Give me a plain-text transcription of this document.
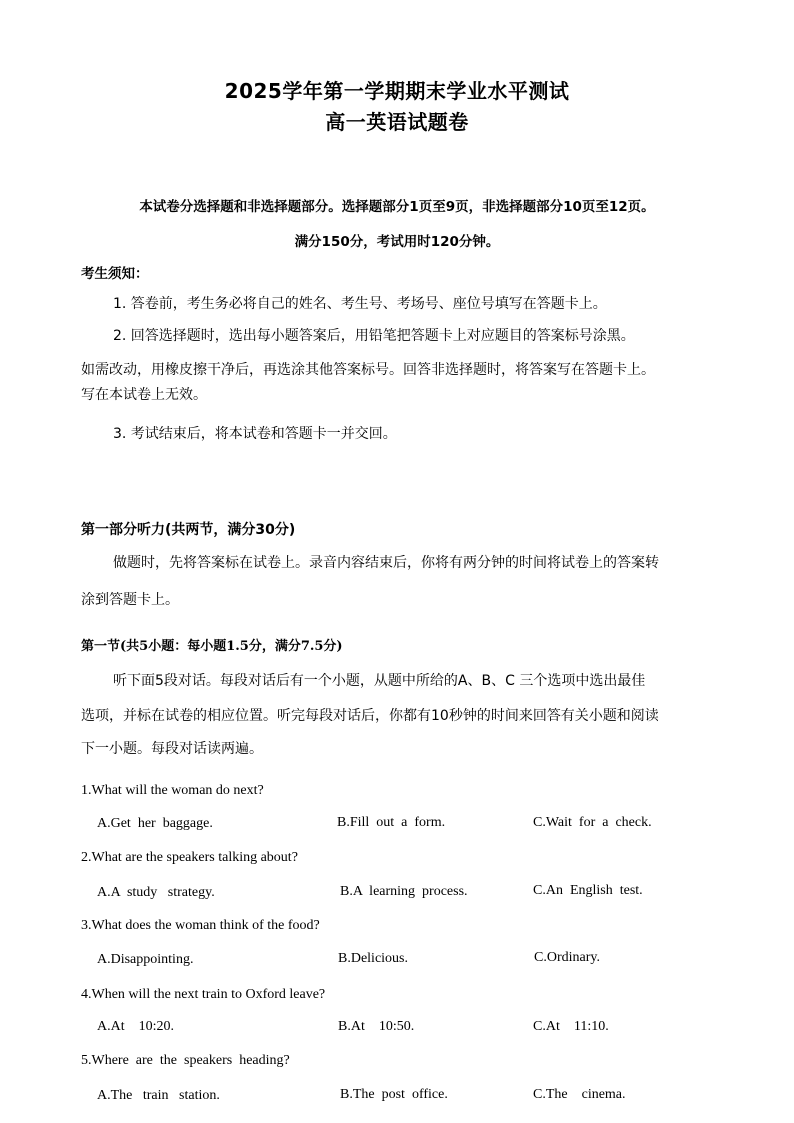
2025学年第一学期期末学业水平测试
高一英语试题卷
本试卷分选择题和非选择题部分。选择题部分1页至9页，非选择题部分10页至12页。
满分150分，考试用时120分钟。
考生须知：
1. 答卷前，考生务必将自己的姓名、考生号、考场号、座位号填写在答题卡上。
2. 回答选择题时，选出每小题答案后，用铅笔把答题卡上对应题目的答案标号涂黑。
如需改动，用橡皮擦干净后，再选涂其他答案标号。回答非选择题时，将答案写在答题卡上。
写在本试卷上无效。
3. 考试结束后，将本试卷和答题卡一并交回。
第一部分听力(共两节，满分30分)
做题时，先将答案标在试卷上。录音内容结束后，你将有两分钟的时间将试卷上的答案转
涂到答题卡上。
第一节(共5小题：每小题1.5分，满分7.5分)
听下面5段对话。每段对话后有一个小题，从题中所给的A、B、C 三个选项中选出最佳
选项，并标在试卷的相应位置。听完每段对话后，你都有10秒钟的时间来回答有关小题和阅读
下一小题。每段对话读两遍。
1.What will the woman do next?
A.Get  her  baggage.	B.Fill  out  a  form.	C.Wait  for  a  check.
2.What are the speakers talking about?
A.A  study   strategy.	B.A  learning  process.	C.An  English  test.
3.What does the woman think of the food?
A.Disappointing.	B.Delicious.	C.Ordinary.
4.When will the next train to Oxford leave?
A.At    10:20.	B.At    10:50.	C.At    11:10.
5.Where  are  the  speakers  heading?
A.The   train   station.	B.The  post  office.	C.The    cinema.
